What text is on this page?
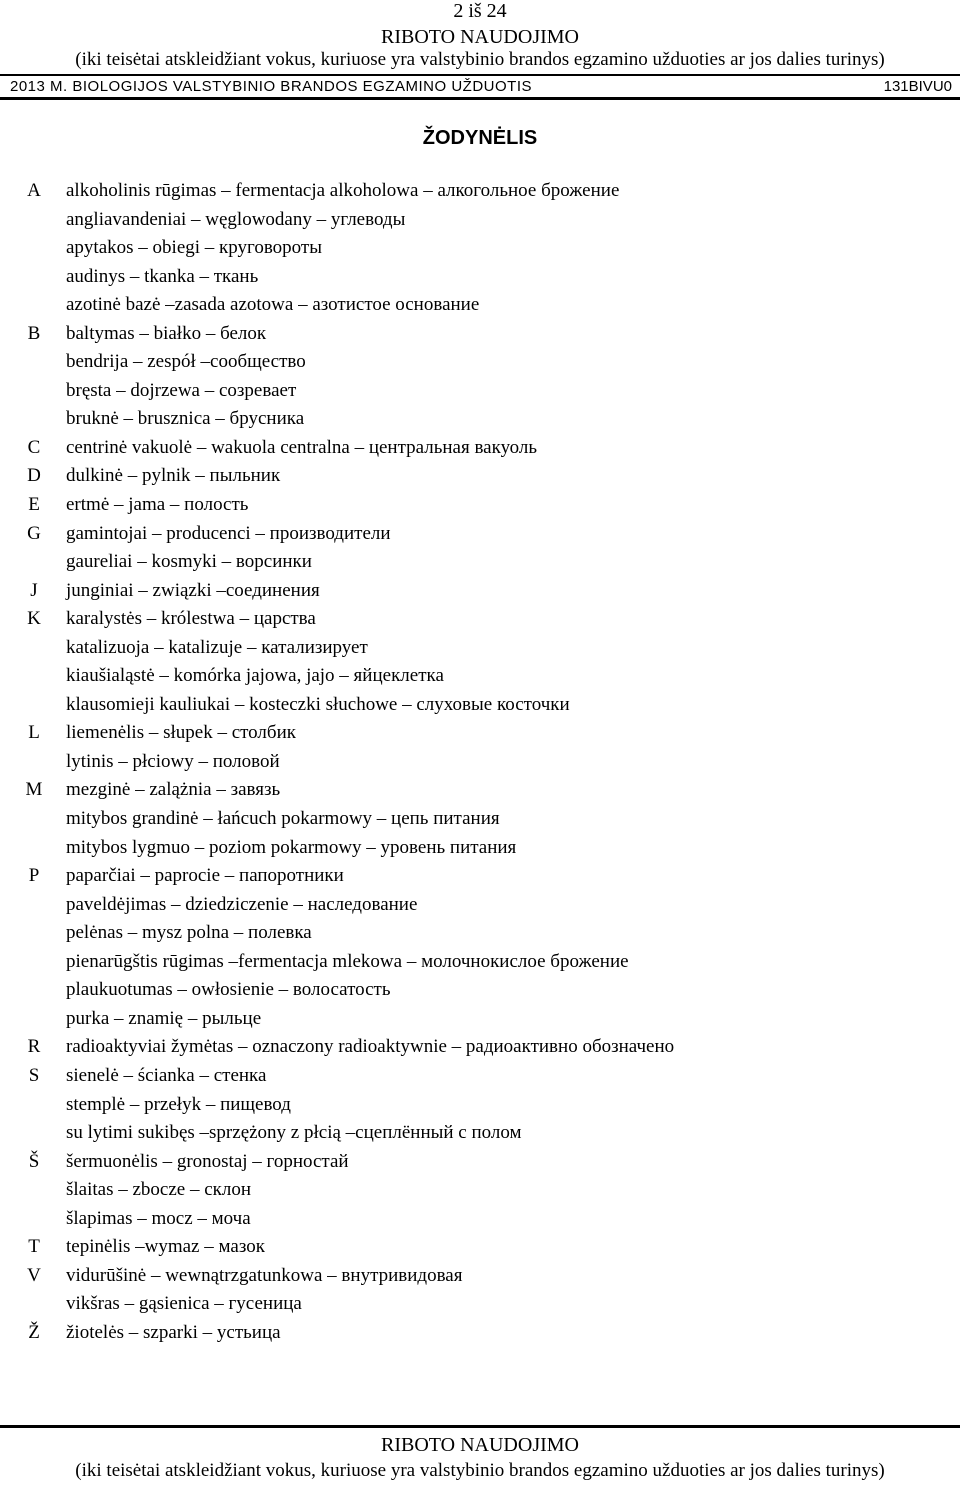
2 iš 24
RIBOTO NAUDOJIMO
(iki teisėtai atskleidžiant vokus, kuriuose yra valstybinio brandos egzamino užduoties ar jos dalies turinys)
2013 M. BIOLOGIJOS VALSTYBINIO BRANDOS EGZAMINO UŽDUOTIS	131BIVU0
ŽODYNĖLIS
A	alkoholinis rūgimas – fermentacja alkoholowa – алкогольное брожение
angliavandeniai – węglowodany – углеводы
apytakos – obiegi – круговороты
audinys – tkanka – ткань
azotinė bazė –zasada azotowa – азотистое основание
B	baltymas – białko – белок
bendrija – zespół –сообщество
bręsta – dojrzewa – созревает
bruknė – brusznica – брусника
C	centrinė vakuolė – wakuola centralna – центральная вакуоль
D	dulkinė – pylnik – пыльник
E	ertmė – jama – полость
G	gamintojai – producenci – производители
gaureliai – kosmyki – ворсинки
J	junginiai – związki –соединения
K	karalystės – królestwa – царства
katalizuoja – katalizuje – катализирует
kiaušialąstė – komórka jajowa, jajo – яйцеклетка
klausomieji kauliukai – kosteczki słuchowe – слуховые косточки
L	liemenėlis – słupek – столбик
lytinis – płciowy – половой
M	mezginė – zalążnia – завязь
mitybos grandinė – łańcuch pokarmowy – цепь питания
mitybos lygmuo – poziom pokarmowy – уровень питания
P	paparčiai – paprocie – папоротники
paveldėjimas – dziedziczenie – наследование
pelėnas – mysz polna – полевка
pienarūgštis rūgimas –fermentacja mlekowa – молочнокислое брожение
plaukuotumas – owłosienie – волосатость
purka – znamię – рыльце
R	radioaktyviai žymėtas – oznaczony radioaktywnie – радиоактивно обозначено
S	sienelė – ścianka – стенка
stemplė – przełyk – пищевод
su lytimi sukibęs –sprzężony z płcią –сцеплённый с полом
Š	šermuonėlis – gronostaj – горностай
šlaitas – zbocze – склон
šlapimas – mocz – моча
T	tepinėlis –wymaz – мазок
V	vidurūšinė – wewnątrzgatunkowa – внутривидовая
vikšras – gąsienica – гусеница
Ž	žiotelės – szparki – устьица
RIBOTO NAUDOJIMO
(iki teisėtai atskleidžiant vokus, kuriuose yra valstybinio brandos egzamino užduoties ar jos dalies turinys)
